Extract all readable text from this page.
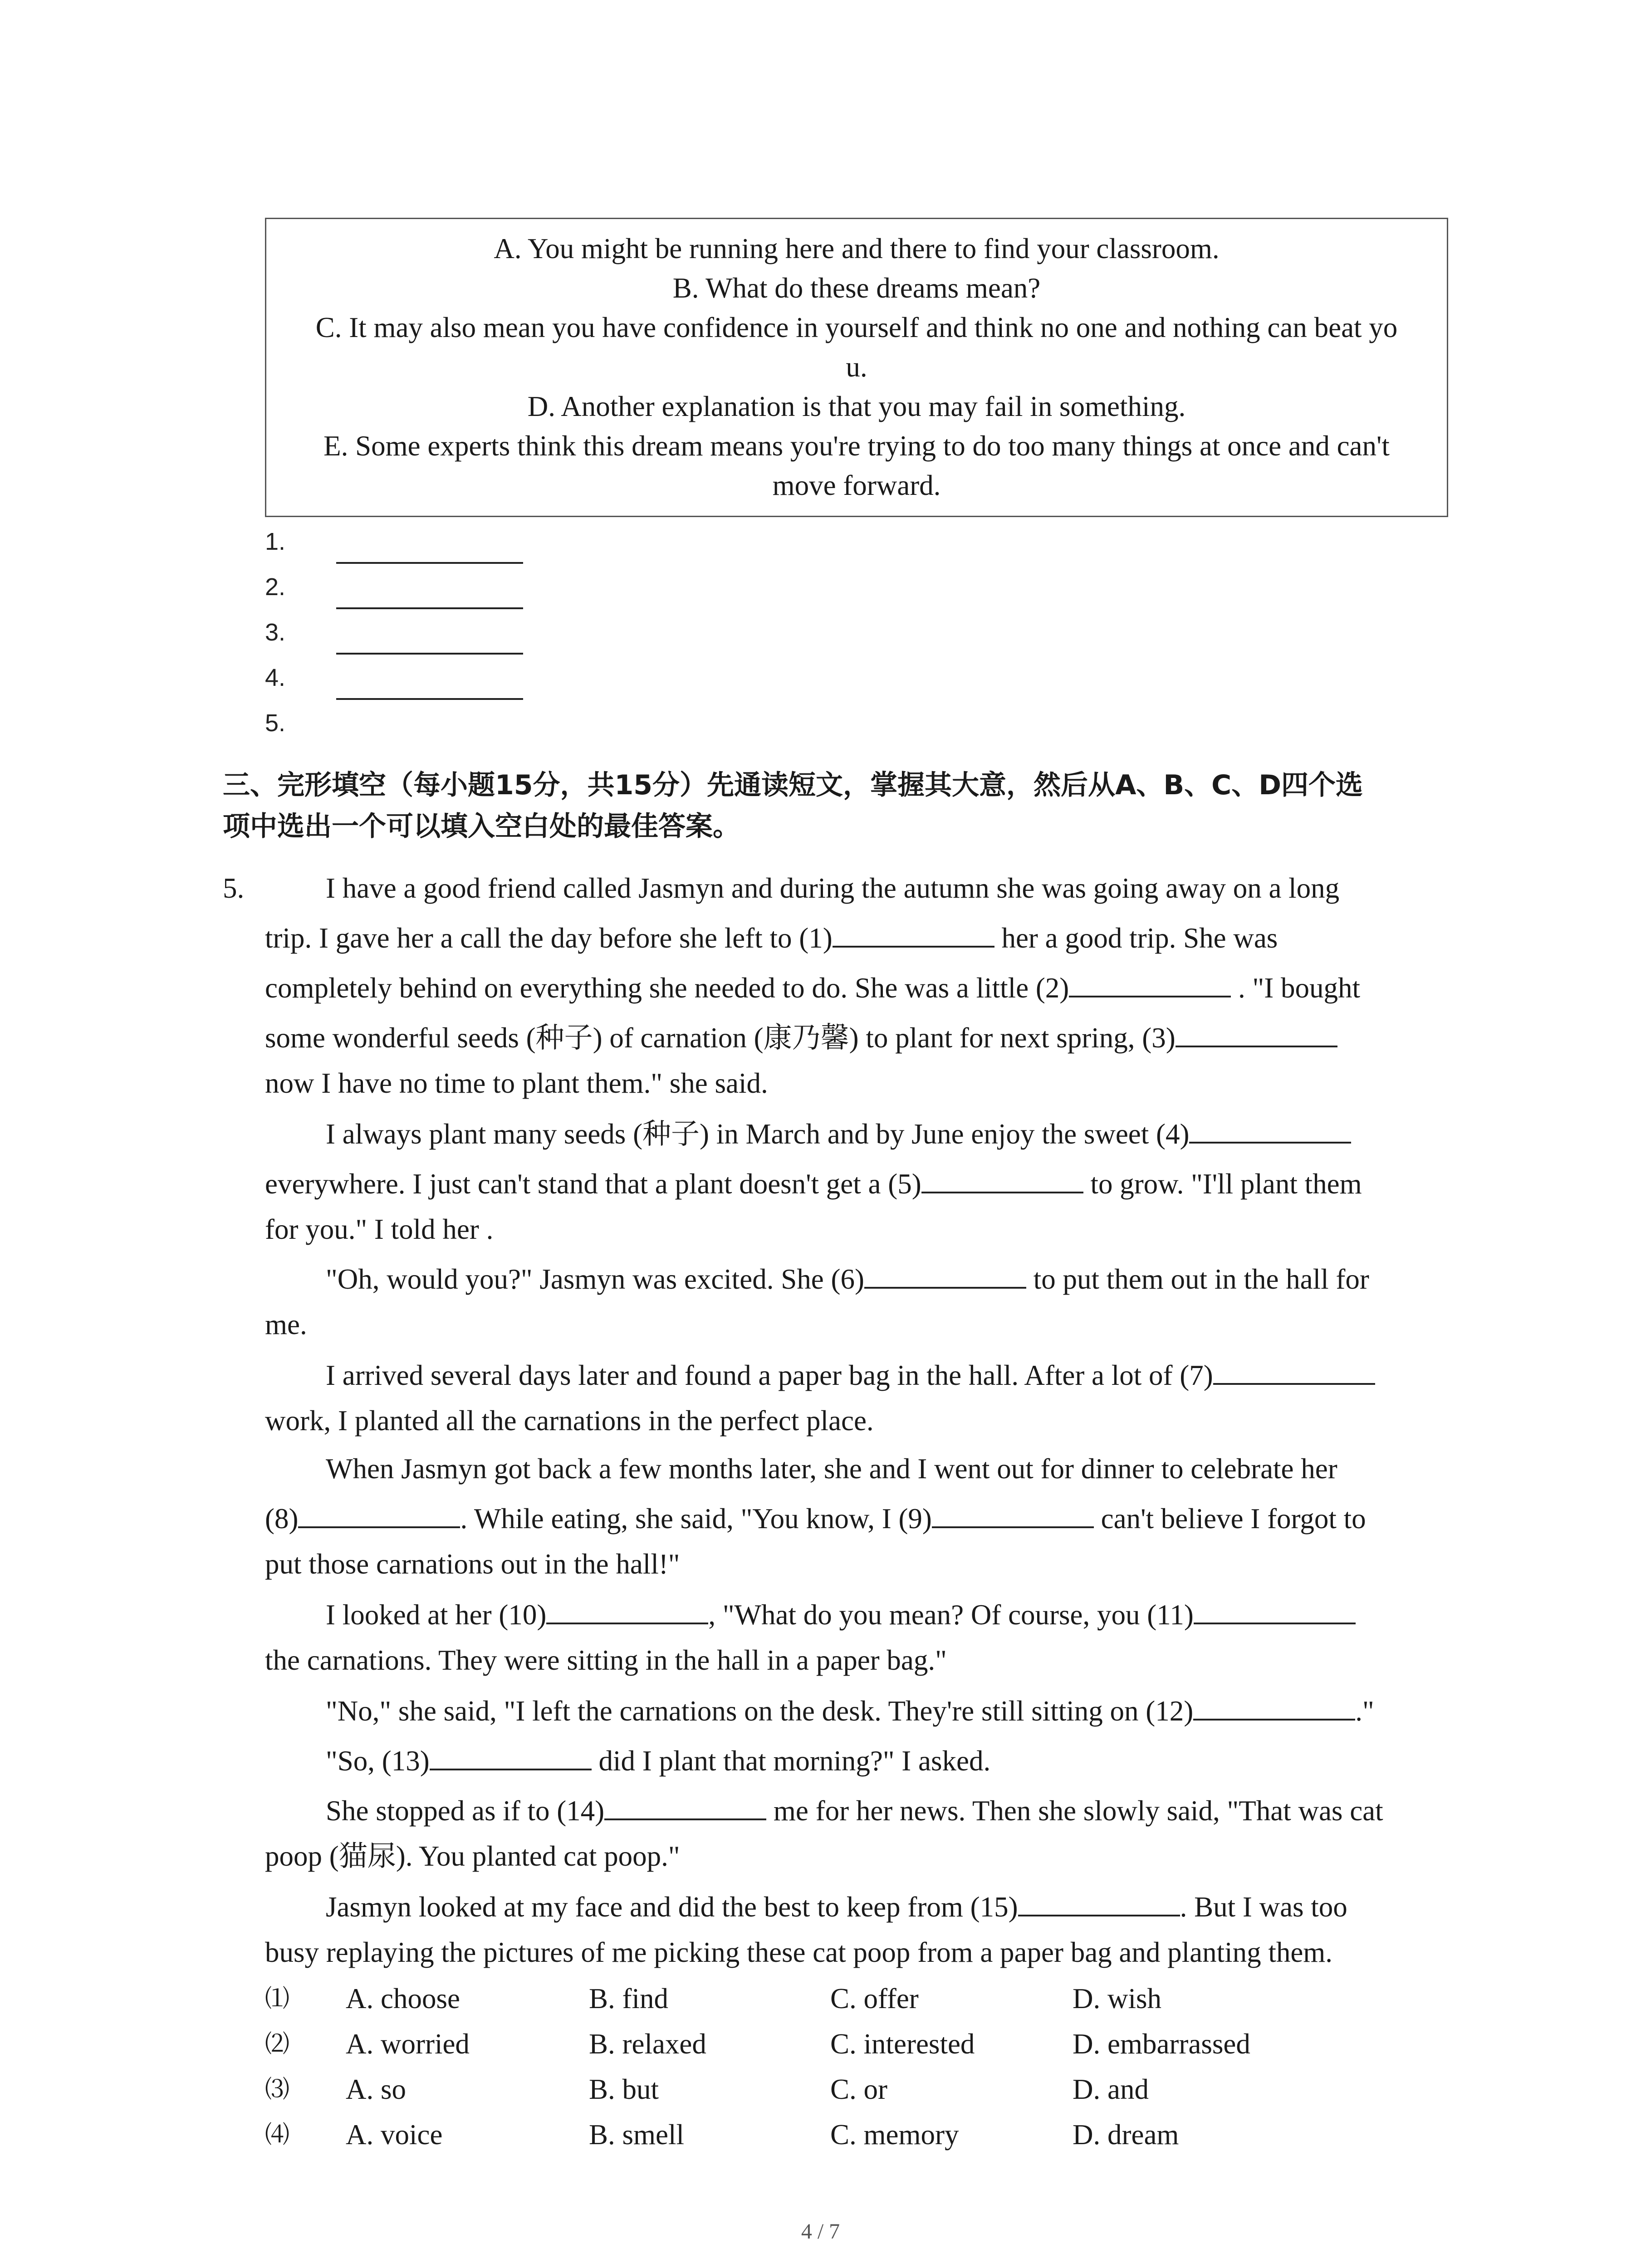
A. You might be running here and there to find your classroom.
B. What do these dreams mean?
C. It may also mean you have confidence in yourself and think no one and nothing can beat yo
u.
D. Another explanation is that you may fail in something.
E. Some experts think this dream means you're trying to do too many things at once and can't
move forward.
1.
2.
3.
4.
5.
三、完形填空（每小题15分，共15分）先通读短文，掌握其大意，然后从A、B、C、D四个选
项中选出一个可以填入空白处的最佳答案。
5.	I have a good friend called Jasmyn and during the autumn she was going away on a long
trip. I gave her a call the day before she left to (1)	her a good trip. She was
completely behind on everything she needed to do. She was a little (2)	. "I bought
some wonderful seeds (种子) of carnation (康乃馨) to plant for next spring, (3)
now I have no time to plant them." she said.
I always plant many seeds (种子) in March and by June enjoy the sweet (4)
everywhere. I just can't stand that a plant doesn't get a (5)	to grow. "I'll plant them
for you." I told her .
"Oh, would you?" Jasmyn was excited. She (6)	to put them out in the hall for
me.
I arrived several days later and found a paper bag in the hall. After a lot of (7)
work, I planted all the carnations in the perfect place.
When Jasmyn got back a few months later, she and I went out for dinner to celebrate her
(8)	. While eating, she said, "You know, I (9)	can't believe I forgot to
put those carnations out in the hall!"
I looked at her (10)	, "What do you mean? Of course, you (11)
the carnations. They were sitting in the hall in a paper bag."
"No," she said, "I left the carnations on the desk. They're still sitting on (12)	."
"So, (13)	did I plant that morning?" I asked.
She stopped as if to (14)	me for her news. Then she slowly said, "That was cat
poop (猫尿). You planted cat poop."
Jasmyn looked at my face and did the best to keep from (15)	. But I was too
busy replaying the pictures of me picking these cat poop from a paper bag and planting them.
⑴ A. choose	B. find	C. offer	D. wish
⑵ A. worried	B. relaxed	C. interested	D. embarrassed
⑶ A. so	B. but	C. or	D. and
⑷ A. voice	B. smell	C. memory	D. dream
4 / 7
